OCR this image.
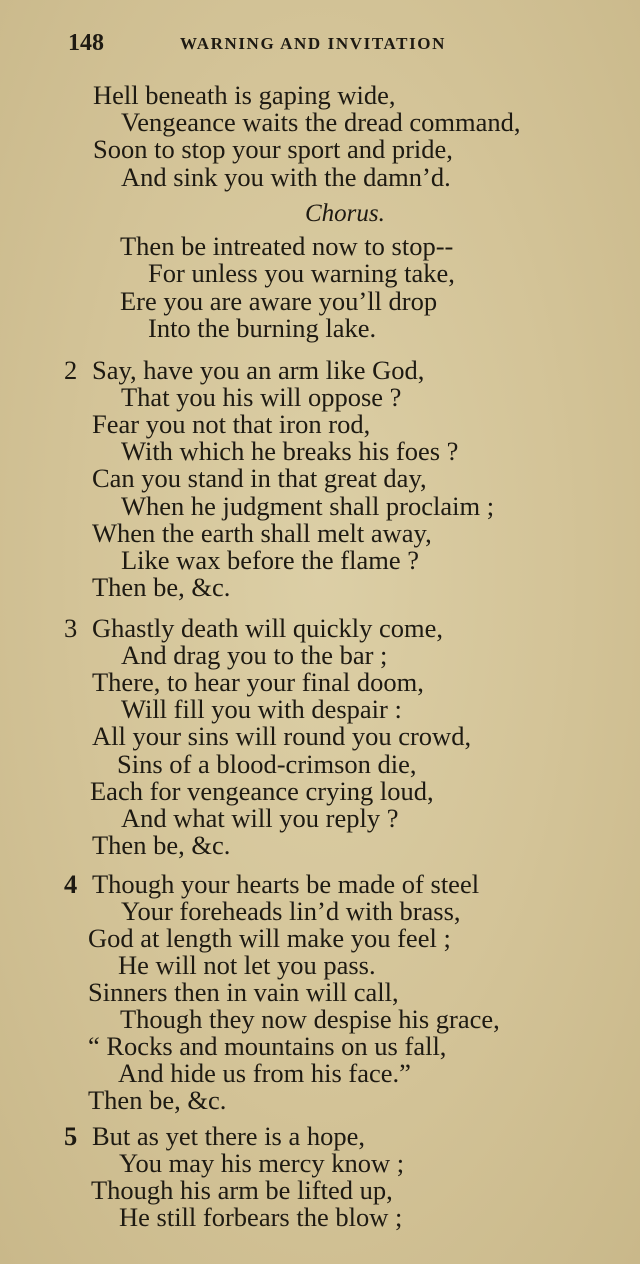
148	WARNING AND INVITATION
Hell beneath is gaping wide,
Vengeance waits the dread command,
Soon to stop your sport and pride,
And sink you with the damn’d.
Chorus.
Then be intreated now to stop--
For unless you warning take,
Ere you are aware you’ll drop
Into the burning lake.
2 Say, have you an arm like God,
That you his will oppose ?
Fear you not that iron rod,
With which he breaks his foes ?
Can you stand in that great day,
When he judgment shall proclaim ;
When the earth shall melt away,
Like wax before the flame ?
Then be, &c.
3 Ghastly death will quickly come,
And drag you to the bar ;
There, to hear your final doom,
Will fill you with despair :
All your sins will round you crowd,
Sins of a blood-crimson die,
Each for vengeance crying loud,
And what will you reply ?
Then be, &c.
4 Though your hearts be made of steel
Your foreheads lin’d with brass,
God at length will make you feel ;
He will not let you pass.
Sinners then in vain will call,
Though they now despise his grace,
“ Rocks and mountains on us fall,
And hide us from his face.”
Then be, &c.
5 But as yet there is a hope,
You may his mercy know ;
Though his arm be lifted up,
He still forbears the blow ;
